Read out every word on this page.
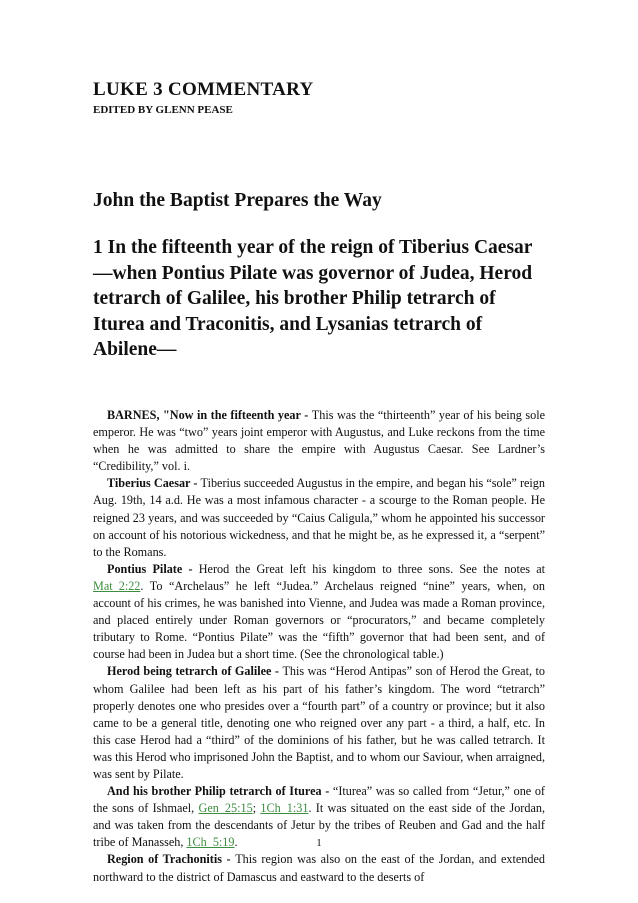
LUKE 3 COMMENTARY
EDITED BY GLENN PEASE
John the Baptist Prepares the Way
1 In the fifteenth year of the reign of Tiberius Caesar—when Pontius Pilate was governor of Judea, Herod tetrarch of Galilee, his brother Philip tetrarch of Iturea and Traconitis, and Lysanias tetrarch of Abilene—

BARNES, "Now in the fifteenth year - This was the “thirteenth” year of his being sole emperor. He was “two” years joint emperor with Augustus, and Luke reckons from the time when he was admitted to share the empire with Augustus Caesar. See Lardner’s “Credibility,” vol. i.

Tiberius Caesar - Tiberius succeeded Augustus in the empire, and began his “sole” reign Aug. 19th, 14 a.d. He was a most infamous character - a scourge to the Roman people. He reigned 23 years, and was succeeded by “Caius Caligula,” whom he appointed his successor on account of his notorious wickedness, and that he might be, as he expressed it, a “serpent” to the Romans.

Pontius Pilate - Herod the Great left his kingdom to three sons. See the notes at Mat_2:22. To “Archelaus” he left “Judea.” Archelaus reigned “nine” years, when, on account of his crimes, he was banished into Vienne, and Judea was made a Roman province, and placed entirely under Roman governors or “procurators,” and became completely tributary to Rome. “Pontius Pilate” was the “fifth” governor that had been sent, and of course had been in Judea but a short time. (See the chronological table.)

Herod being tetrarch of Galilee - This was “Herod Antipas” son of Herod the Great, to whom Galilee had been left as his part of his father’s kingdom. The word “tetrarch” properly denotes one who presides over a “fourth part” of a country or province; but it also came to be a general title, denoting one who reigned over any part - a third, a half, etc. In this case Herod had a “third” of the dominions of his father, but he was called tetrarch. It was this Herod who imprisoned John the Baptist, and to whom our Saviour, when arraigned, was sent by Pilate.

And his brother Philip tetrarch of Iturea - “Iturea” was so called from “Jetur,” one of the sons of Ishmael, Gen_25:15; 1Ch_1:31. It was situated on the east side of the Jordan, and was taken from the descendants of Jetur by the tribes of Reuben and Gad and the half tribe of Manasseh, 1Ch_5:19.

Region of Trachonitis - This region was also on the east of the Jordan, and extended northward to the district of Damascus and eastward to the deserts of

1
